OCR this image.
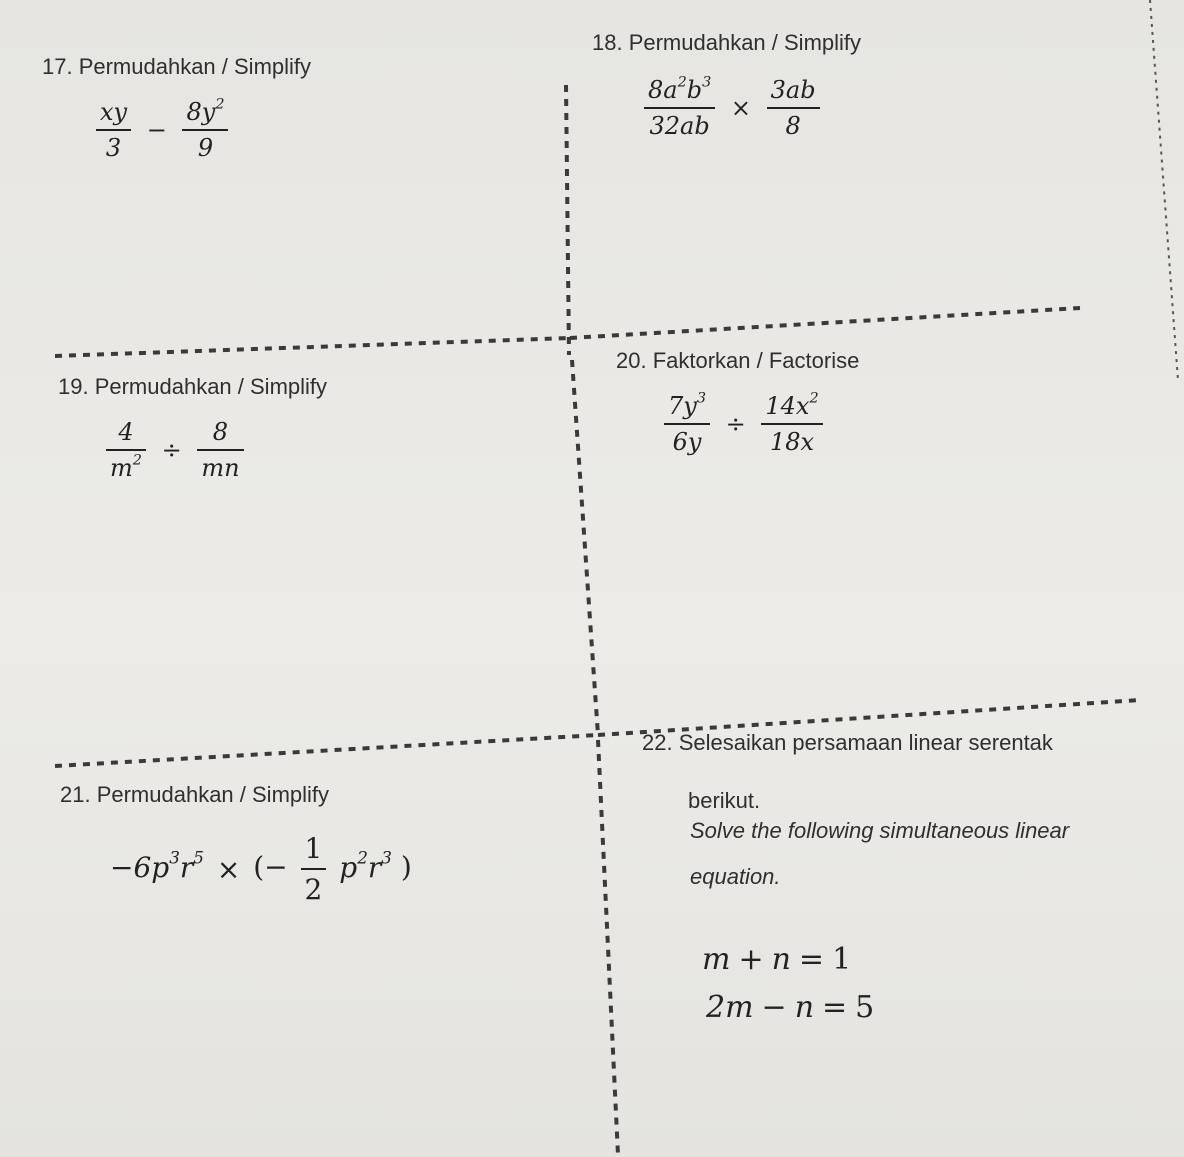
17. Permudahkan / Simplify
$\frac{xy}{3} - \frac{8y^2}{9}$
18. Permudahkan / Simplify
$\frac{8a^2b^3}{32ab} \times \frac{3ab}{8}$
19. Permudahkan / Simplify
$\frac{4}{m^2} \div \frac{8}{mn}$
20. Faktorkan / Factorise
$\frac{7y^3}{6y} \div \frac{14x^2}{18x}$
21. Permudahkan / Simplify
$-6p^3r^5$ × (− $\frac{1}{2} p^2r^3$ )
22. Selesaikan persamaan linear serentak
berikut.
Solve the following simultaneous linear
equation.
m + n = 1
2m − n = 5
